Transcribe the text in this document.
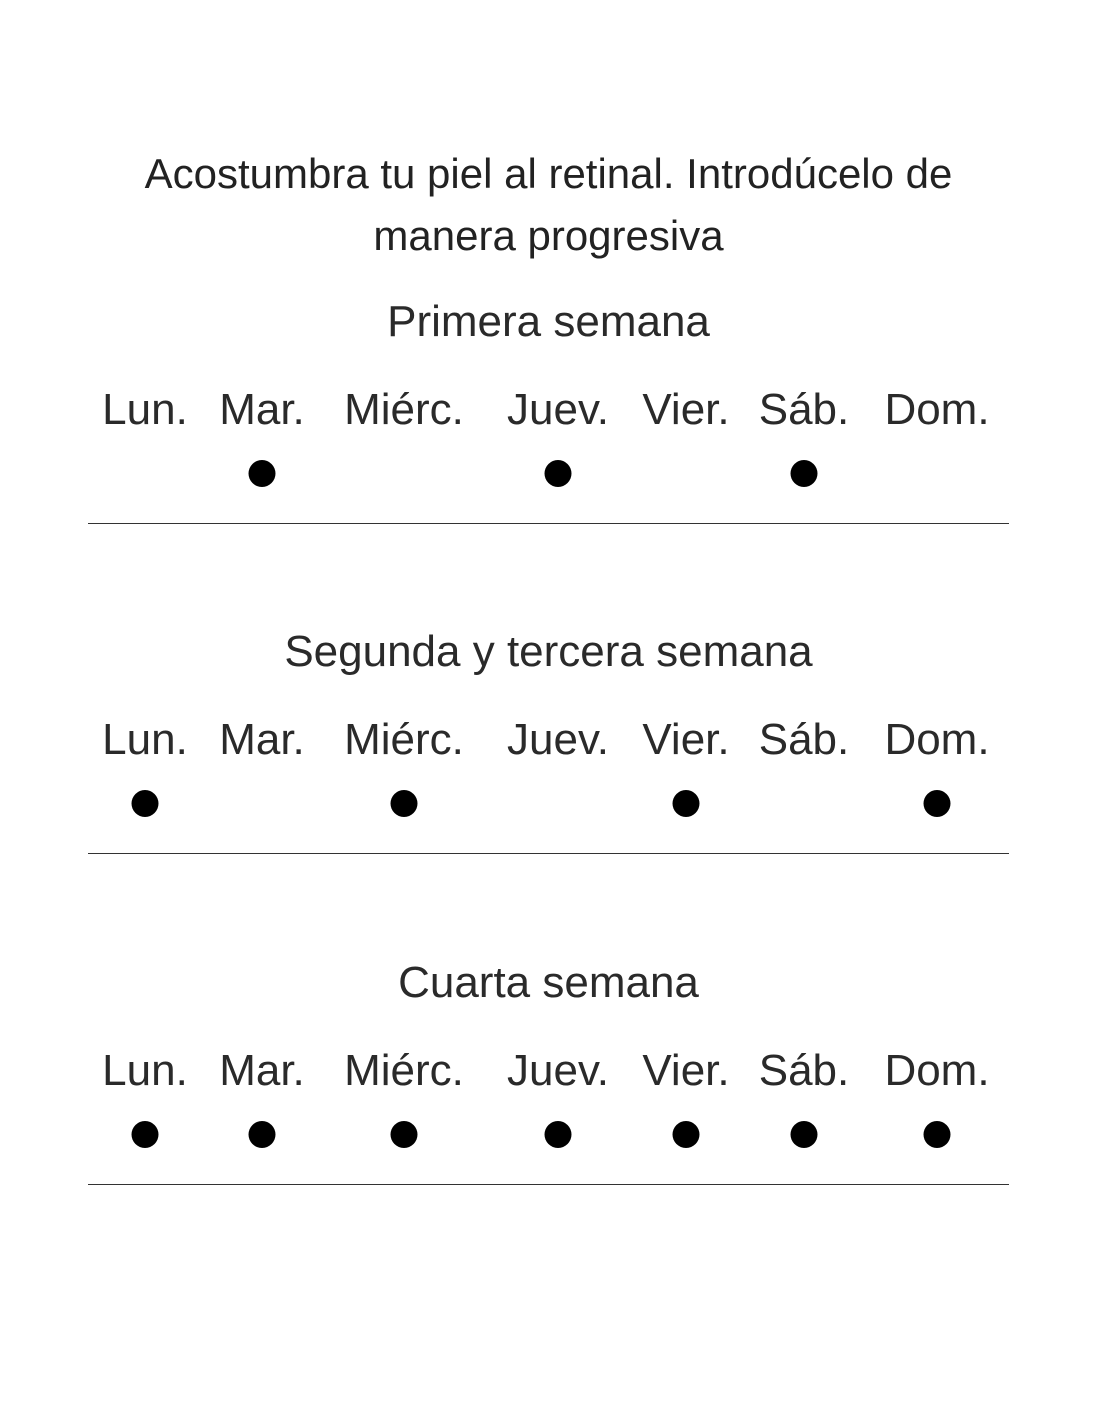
Acostumbra tu piel al retinal. Introdúcelo de manera progresiva
Primera semana
Lun. Mar. Miérc. Juev. Vier. Sáb. Dom.
Segunda y tercera semana
Lun. Mar. Miérc. Juev. Vier. Sáb. Dom.
Cuarta semana
Lun. Mar. Miérc. Juev. Vier. Sáb. Dom.
